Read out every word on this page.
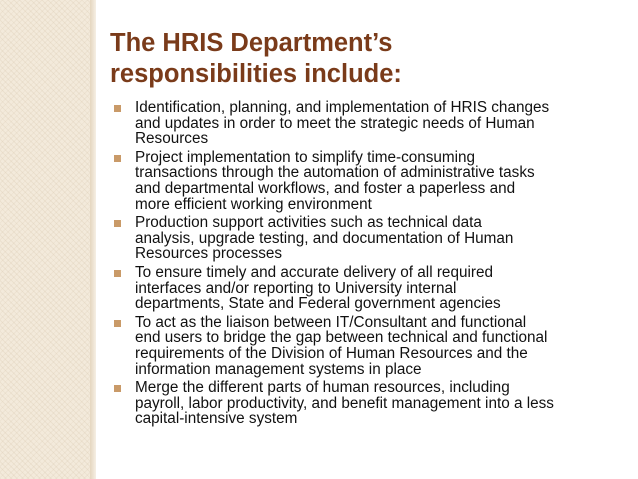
The HRIS Department’s
responsibilities include:
Identification, planning, and implementation of HRIS changes
and updates in order to meet the strategic needs of Human
Resources
Project implementation to simplify time-consuming
transactions through the automation of administrative tasks
and departmental workflows, and foster a paperless and
more efficient working environment
Production support activities such as technical data
analysis, upgrade testing, and documentation of Human
Resources processes
To ensure timely and accurate delivery of all required
interfaces and/or reporting to University internal
departments, State and Federal government agencies
To act as the liaison between IT/Consultant and functional
end users to bridge the gap between technical and functional
requirements of the Division of Human Resources and the
information management systems in place
Merge the different parts of human resources, including
payroll, labor productivity, and benefit management into a less
capital-intensive system
